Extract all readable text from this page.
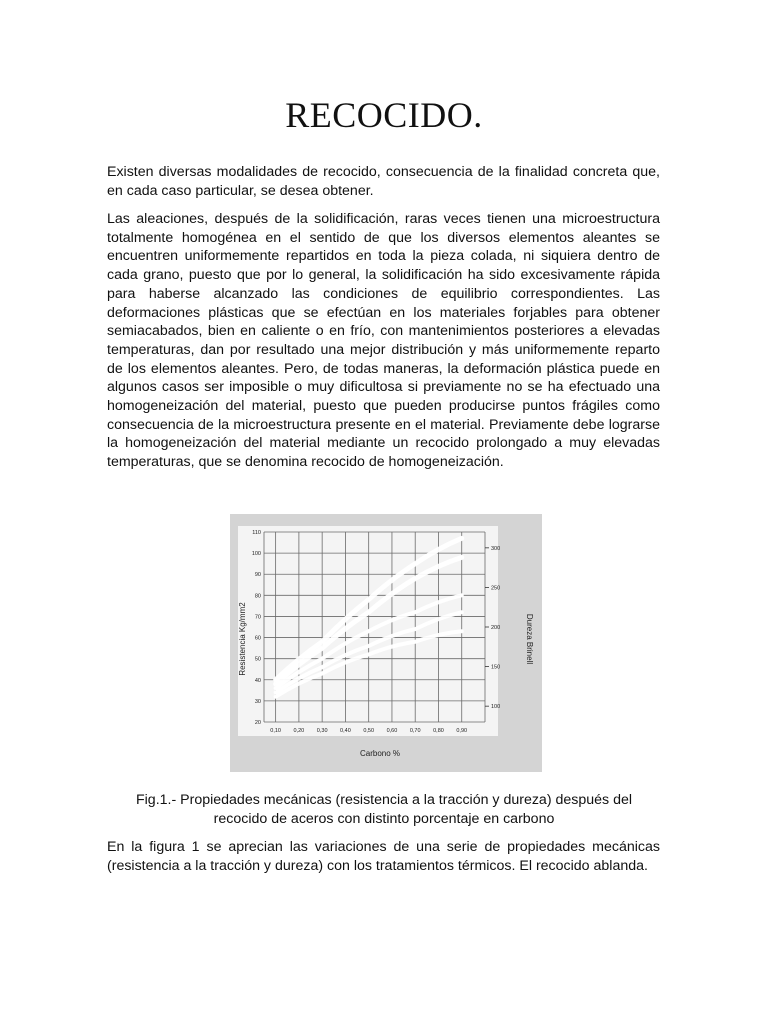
RECOCIDO.

Existen diversas modalidades de recocido, consecuencia de la finalidad concreta que, en cada caso particular, se desea obtener.

Las aleaciones, después de la solidificación, raras veces tienen una microestructura totalmente homogénea en el sentido de que los diversos elementos aleantes se encuentren uniformemente repartidos en toda la pieza colada, ni siquiera dentro de cada grano, puesto que por lo general, la solidificación ha sido excesivamente rápida para haberse alcanzado las condiciones de equilibrio correspondientes. Las deformaciones plásticas que se efectúan en los materiales forjables para obtener semiacabados, bien en caliente o en frío, con mantenimientos posteriores a elevadas temperaturas, dan por resultado una mejor distribución y más uniformemente reparto de los elementos aleantes. Pero, de todas maneras, la deformación plástica puede en algunos casos ser imposible o muy dificultosa si previamente no se ha efectuado una homogeneización del material, puesto que pueden producirse puntos frágiles como consecuencia de la microestructura presente en el material. Previamente debe lograrse la homogeneización del material mediante un recocido prolongado a muy elevadas temperaturas, que se denomina recocido de homogeneización.

0,10 0,20 0,30 0,40 0,50 0,60 0,70 0,80 0,90
110
100
90
80
70
60
50
40
30
20
300
250
200
150
100
Carbono %
Resistencia Kg/mm2	Dureza Brinell

Fig.1.- Propiedades mecánicas (resistencia a la tracción y dureza) después del recocido de aceros con distinto porcentaje en carbono

En la figura 1 se aprecian las variaciones de una serie de propiedades mecánicas (resistencia a la tracción y dureza) con los tratamientos térmicos. El recocido ablanda.
